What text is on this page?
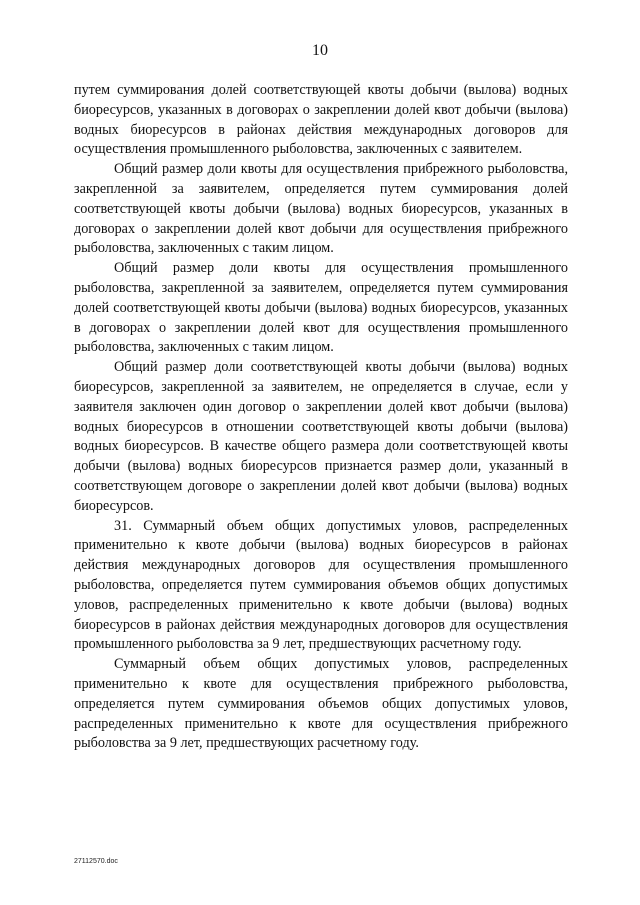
10

путем суммирования долей соответствующей квоты добычи (вылова) водных биоресурсов, указанных в договорах о закреплении долей квот добычи (вылова) водных биоресурсов в районах действия международных договоров для осуществления промышленного рыболовства, заключенных с заявителем.

Общий размер доли квоты для осуществления прибрежного рыболовства, закрепленной за заявителем, определяется путем суммирования долей соответствующей квоты добычи (вылова) водных биоресурсов, указанных в договорах о закреплении долей квот добычи для осуществления прибрежного рыболовства, заключенных с таким лицом.

Общий размер доли квоты для осуществления промышленного рыболовства, закрепленной за заявителем, определяется путем суммирования долей соответствующей квоты добычи (вылова) водных биоресурсов, указанных в договорах о закреплении долей квот для осуществления промышленного рыболовства, заключенных с таким лицом.

Общий размер доли соответствующей квоты добычи (вылова) водных биоресурсов, закрепленной за заявителем, не определяется в случае, если у заявителя заключен один договор о закреплении долей квот добычи (вылова) водных биоресурсов в отношении соответствующей квоты добычи (вылова) водных биоресурсов. В качестве общего размера доли соответствующей квоты добычи (вылова) водных биоресурсов признается размер доли, указанный в соответствующем договоре о закреплении долей квот добычи (вылова) водных биоресурсов.

31. Суммарный объем общих допустимых уловов, распределенных применительно к квоте добычи (вылова) водных биоресурсов в районах действия международных договоров для осуществления промышленного рыболовства, определяется путем суммирования объемов общих допустимых уловов, распределенных применительно к квоте добычи (вылова) водных биоресурсов в районах действия международных договоров для осуществления промышленного рыболовства за 9 лет, предшествующих расчетному году.

Суммарный объем общих допустимых уловов, распределенных применительно к квоте для осуществления прибрежного рыболовства, определяется путем суммирования объемов общих допустимых уловов, распределенных применительно к квоте для осуществления прибрежного рыболовства за 9 лет, предшествующих расчетному году.

27112570.doc
